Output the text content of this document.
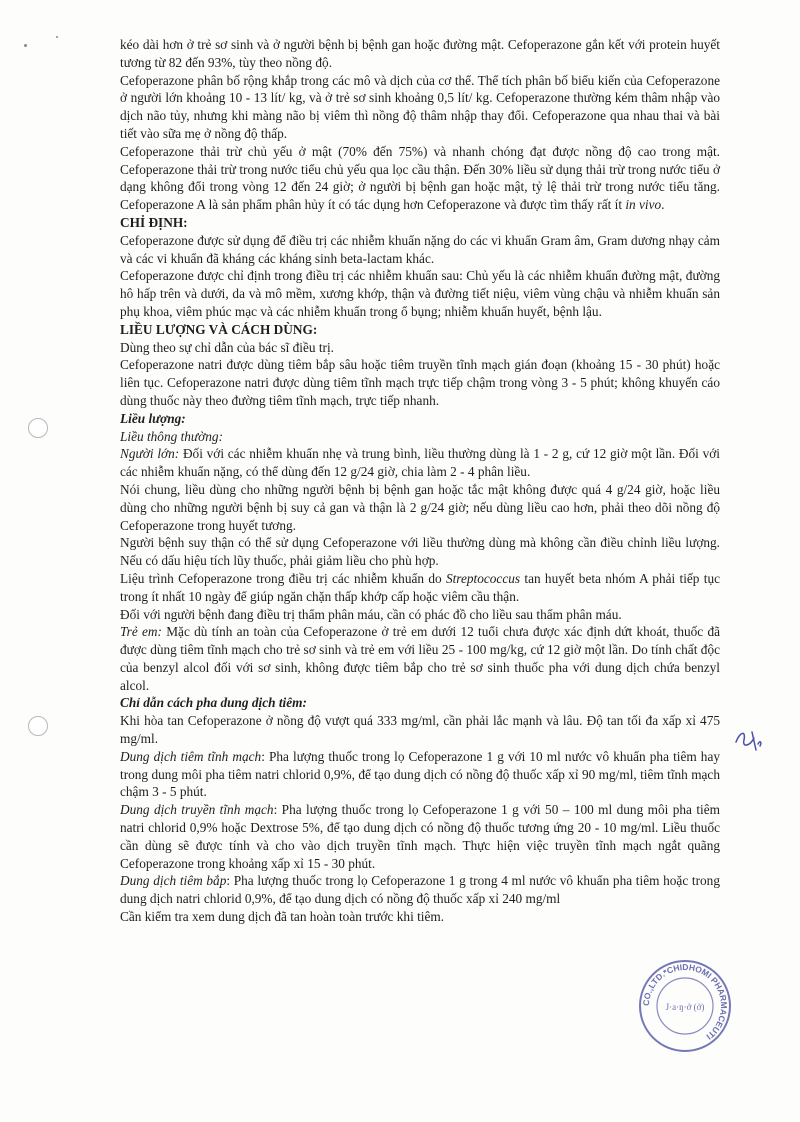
kéo dài hơn ở trẻ sơ sinh và ở người bệnh bị bệnh gan hoặc đường mật. Cefoperazone gắn kết với protein huyết tương từ 82 đến 93%, tùy theo nồng độ.

Cefoperazone phân bố rộng khắp trong các mô và dịch của cơ thể. Thể tích phân bố biểu kiến của Cefoperazone ở người lớn khoảng 10 - 13 lít/ kg, và ở trẻ sơ sinh khoảng 0,5 lít/ kg. Cefoperazone thường kém thâm nhập vào dịch não tủy, nhưng khi màng não bị viêm thì nồng độ thâm nhập thay đổi. Cefoperazone qua nhau thai và bài tiết vào sữa mẹ ở nồng độ thấp.

Cefoperazone thải trừ chủ yếu ở mật (70% đến 75%) và nhanh chóng đạt được nồng độ cao trong mật. Cefoperazone thải trừ trong nước tiểu chủ yếu qua lọc cầu thận. Đến 30% liều sử dụng thải trừ trong nước tiểu ở dạng không đổi trong vòng 12 đến 24 giờ; ở người bị bệnh gan hoặc mật, tỷ lệ thải trừ trong nước tiểu tăng. Cefoperazone A là sản phẩm phân hủy ít có tác dụng hơn Cefoperazone và được tìm thấy rất ít in vivo.

CHỈ ĐỊNH:

Cefoperazone được sử dụng để điều trị các nhiễm khuẩn nặng do các vi khuẩn Gram âm, Gram dương nhạy cảm và các vi khuẩn đã kháng các kháng sinh beta-lactam khác.

Cefoperazone được chỉ định trong điều trị các nhiễm khuẩn sau: Chủ yếu là các nhiễm khuẩn đường mật, đường hô hấp trên và dưới, da và mô mềm, xương khớp, thận và đường tiết niệu, viêm vùng chậu và nhiễm khuẩn sản phụ khoa, viêm phúc mạc và các nhiễm khuẩn trong ổ bụng; nhiễm khuẩn huyết, bệnh lậu.

LIỀU LƯỢNG VÀ CÁCH DÙNG:

Dùng theo sự chỉ dẫn của bác sĩ điều trị.

Cefoperazone natri được dùng tiêm bắp sâu hoặc tiêm truyền tĩnh mạch gián đoạn (khoảng 15 - 30 phút) hoặc liên tục. Cefoperazone natri được dùng tiêm tĩnh mạch trực tiếp chậm trong vòng 3 - 5 phút; không khuyến cáo dùng thuốc này theo đường tiêm tĩnh mạch, trực tiếp nhanh.

Liều lượng:

Liều thông thường:

Người lớn: Đối với các nhiễm khuẩn nhẹ và trung bình, liều thường dùng là 1 - 2 g, cứ 12 giờ một lần. Đối với các nhiễm khuẩn nặng, có thể dùng đến 12 g/24 giờ, chia làm 2 - 4 phân liều.

Nói chung, liều dùng cho những người bệnh bị bệnh gan hoặc tắc mật không được quá 4 g/24 giờ, hoặc liều dùng cho những người bệnh bị suy cả gan và thận là 2 g/24 giờ; nếu dùng liều cao hơn, phải theo dõi nồng độ Cefoperazone trong huyết tương.

Người bệnh suy thận có thể sử dụng Cefoperazone với liều thường dùng mà không cần điều chỉnh liều lượng. Nếu có dấu hiệu tích lũy thuốc, phải giảm liều cho phù hợp.

Liệu trình Cefoperazone trong điều trị các nhiễm khuẩn do Streptococcus tan huyết beta nhóm A phải tiếp tục trong ít nhất 10 ngày để giúp ngăn chặn thấp khớp cấp hoặc viêm cầu thận.

Đối với người bệnh đang điều trị thẩm phân máu, cần có phác đồ cho liều sau thẩm phân máu.

Trẻ em: Mặc dù tính an toàn của Cefoperazone ở trẻ em dưới 12 tuổi chưa được xác định dứt khoát, thuốc đã được dùng tiêm tĩnh mạch cho trẻ sơ sinh và trẻ em với liều 25 - 100 mg/kg, cứ 12 giờ một lần. Do tính chất độc của benzyl alcol đối với sơ sinh, không được tiêm bắp cho trẻ sơ sinh thuốc pha với dung dịch chứa benzyl alcol.

Chỉ dẫn cách pha dung dịch tiêm:

Khi hòa tan Cefoperazone ở nồng độ vượt quá 333 mg/ml, cần phải lắc mạnh và lâu. Độ tan tối đa xấp xỉ 475 mg/ml.

Dung dịch tiêm tĩnh mạch: Pha lượng thuốc trong lọ Cefoperazone 1 g với 10 ml nước vô khuẩn pha tiêm hay trong dung môi pha tiêm natri chlorid 0,9%, để tạo dung dịch có nồng độ thuốc xấp xỉ 90 mg/ml, tiêm tĩnh mạch chậm 3 - 5 phút.

Dung dịch truyền tĩnh mạch: Pha lượng thuốc trong lọ Cefoperazone 1 g với 50 – 100 ml dung môi pha tiêm natri chlorid 0,9% hoặc Dextrose 5%, để tạo dung dịch có nồng độ thuốc tương ứng 20 - 10 mg/ml. Liều thuốc cần dùng sẽ được tính và cho vào dịch truyền tĩnh mạch. Thực hiện việc truyền tĩnh mạch ngắt quãng Cefoperazone trong khoảng xấp xỉ 15 - 30 phút.

Dung dịch tiêm bắp: Pha lượng thuốc trong lọ Cefoperazone 1 g trong 4 ml nước vô khuẩn pha tiêm hoặc trong dung dịch natri chlorid 0,9%, để tạo dung dịch có nồng độ thuốc xấp xỉ 240 mg/ml

Cần kiểm tra xem dung dịch đã tan hoàn toàn trước khi tiêm.

CO.,LTD.*CHIDHOMI PHARMACEUTI
J·a·ŋ·ở (ở)
